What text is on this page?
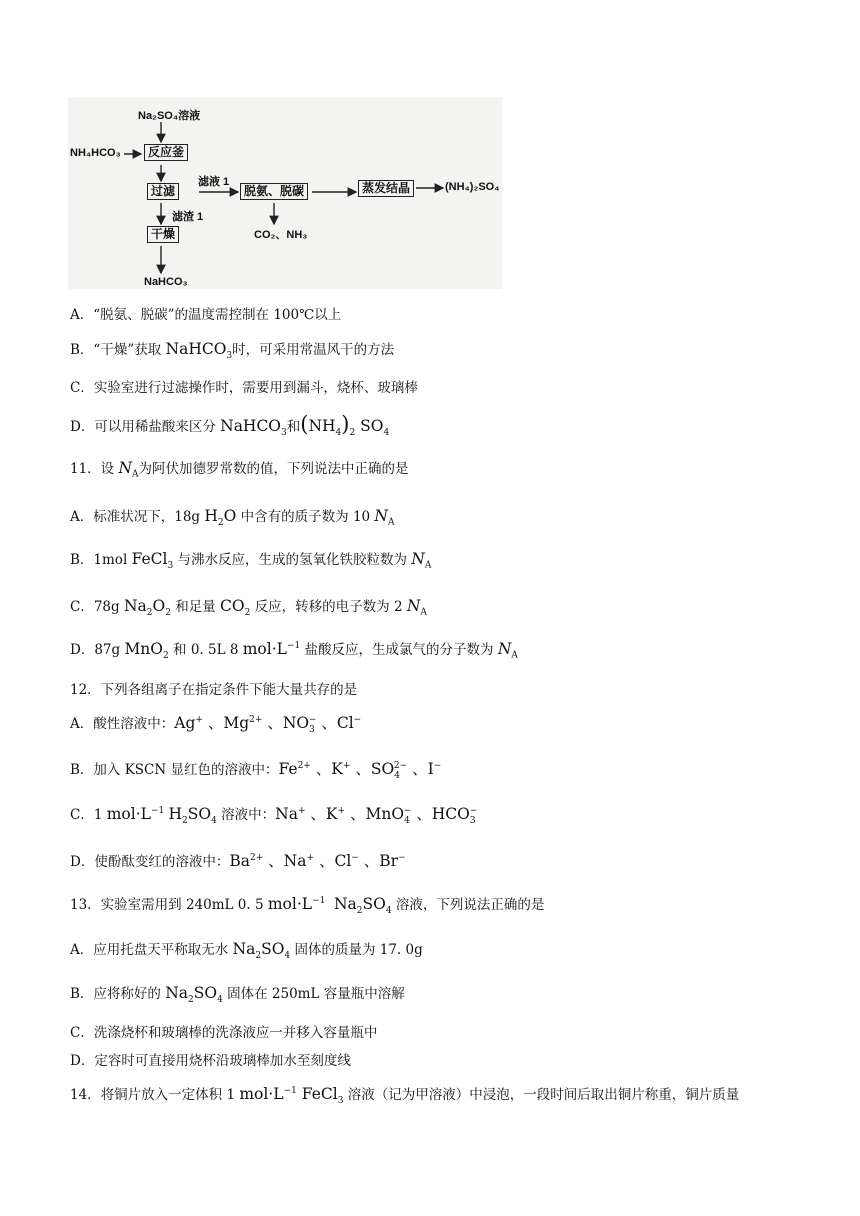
Na₂SO₄溶液
NH₄HCO₃	反应釜
过滤
滤液 1
滤渣 1
干燥
NaHCO₃
脱氨、脱碳
CO₂、NH₃
蒸发结晶	(NH₄)₂SO₄
A．“脱氨、脱碳”的温度需控制在 100℃以上
B．“干燥”获取 NaHCO$_3$时，可采用常温风干的方法
C．实验室进行过滤操作时，需要用到漏斗，烧杯、玻璃棒
D．可以用稀盐酸来区分 NaHCO$_3$和$(NH_4)_2$ $SO_4$
11．设 $N_A$为阿伏加德罗常数的值，下列说法中正确的是
A．标准状况下，18g $H_2O$ 中含有的质子数为 10 $N_A$
B．1mol FeCl$_3$ 与沸水反应，生成的氢氧化铁胶粒数为 $N_A$
C．78g $Na_2O_2$ 和足量 $CO_2$ 反应，转移的电子数为 2 $N_A$
D．87g MnO$_2$ 和 0. 5L 8 $mol\cdot L^{-1}$ 盐酸反应，生成氯气的分子数为 $N_A$
12．下列各组离子在指定条件下能大量共存的是
A．酸性溶液中：Ag+ 、$Mg^{2+}$ 、$NO_3^-$ 、Cl−
B．加入 KSCN 显红色的溶液中：$Fe^{2+}$ 、K+ 、$SO_4^{2-}$ 、I−
C．1 $mol\cdot L^{-1}$ $H_2SO_4$ 溶液中：Na+ 、K+ 、MnO$_4$− 、$HCO_3^-$
D．使酚酞变红的溶液中：$Ba^{2+}$ 、Na+ 、Cl− 、Br−
13．实验室需用到 240mL 0. 5 $mol\cdot L^{-1}$ $Na_2SO_4$ 溶液，下列说法正确的是
A．应用托盘天平称取无水 $Na_2SO_4$ 固体的质量为 17. 0g
B．应将称好的 $Na_2SO_4$ 固体在 250mL 容量瓶中溶解
C．洗涤烧杯和玻璃棒的洗涤液应一并移入容量瓶中
D．定容时可直接用烧杯沿玻璃棒加水至刻度线
14．将铜片放入一定体积 1 $mol\cdot L^{-1}$ FeCl$_3$ 溶液（记为甲溶液）中浸泡，一段时间后取出铜片称重，铜片质量
